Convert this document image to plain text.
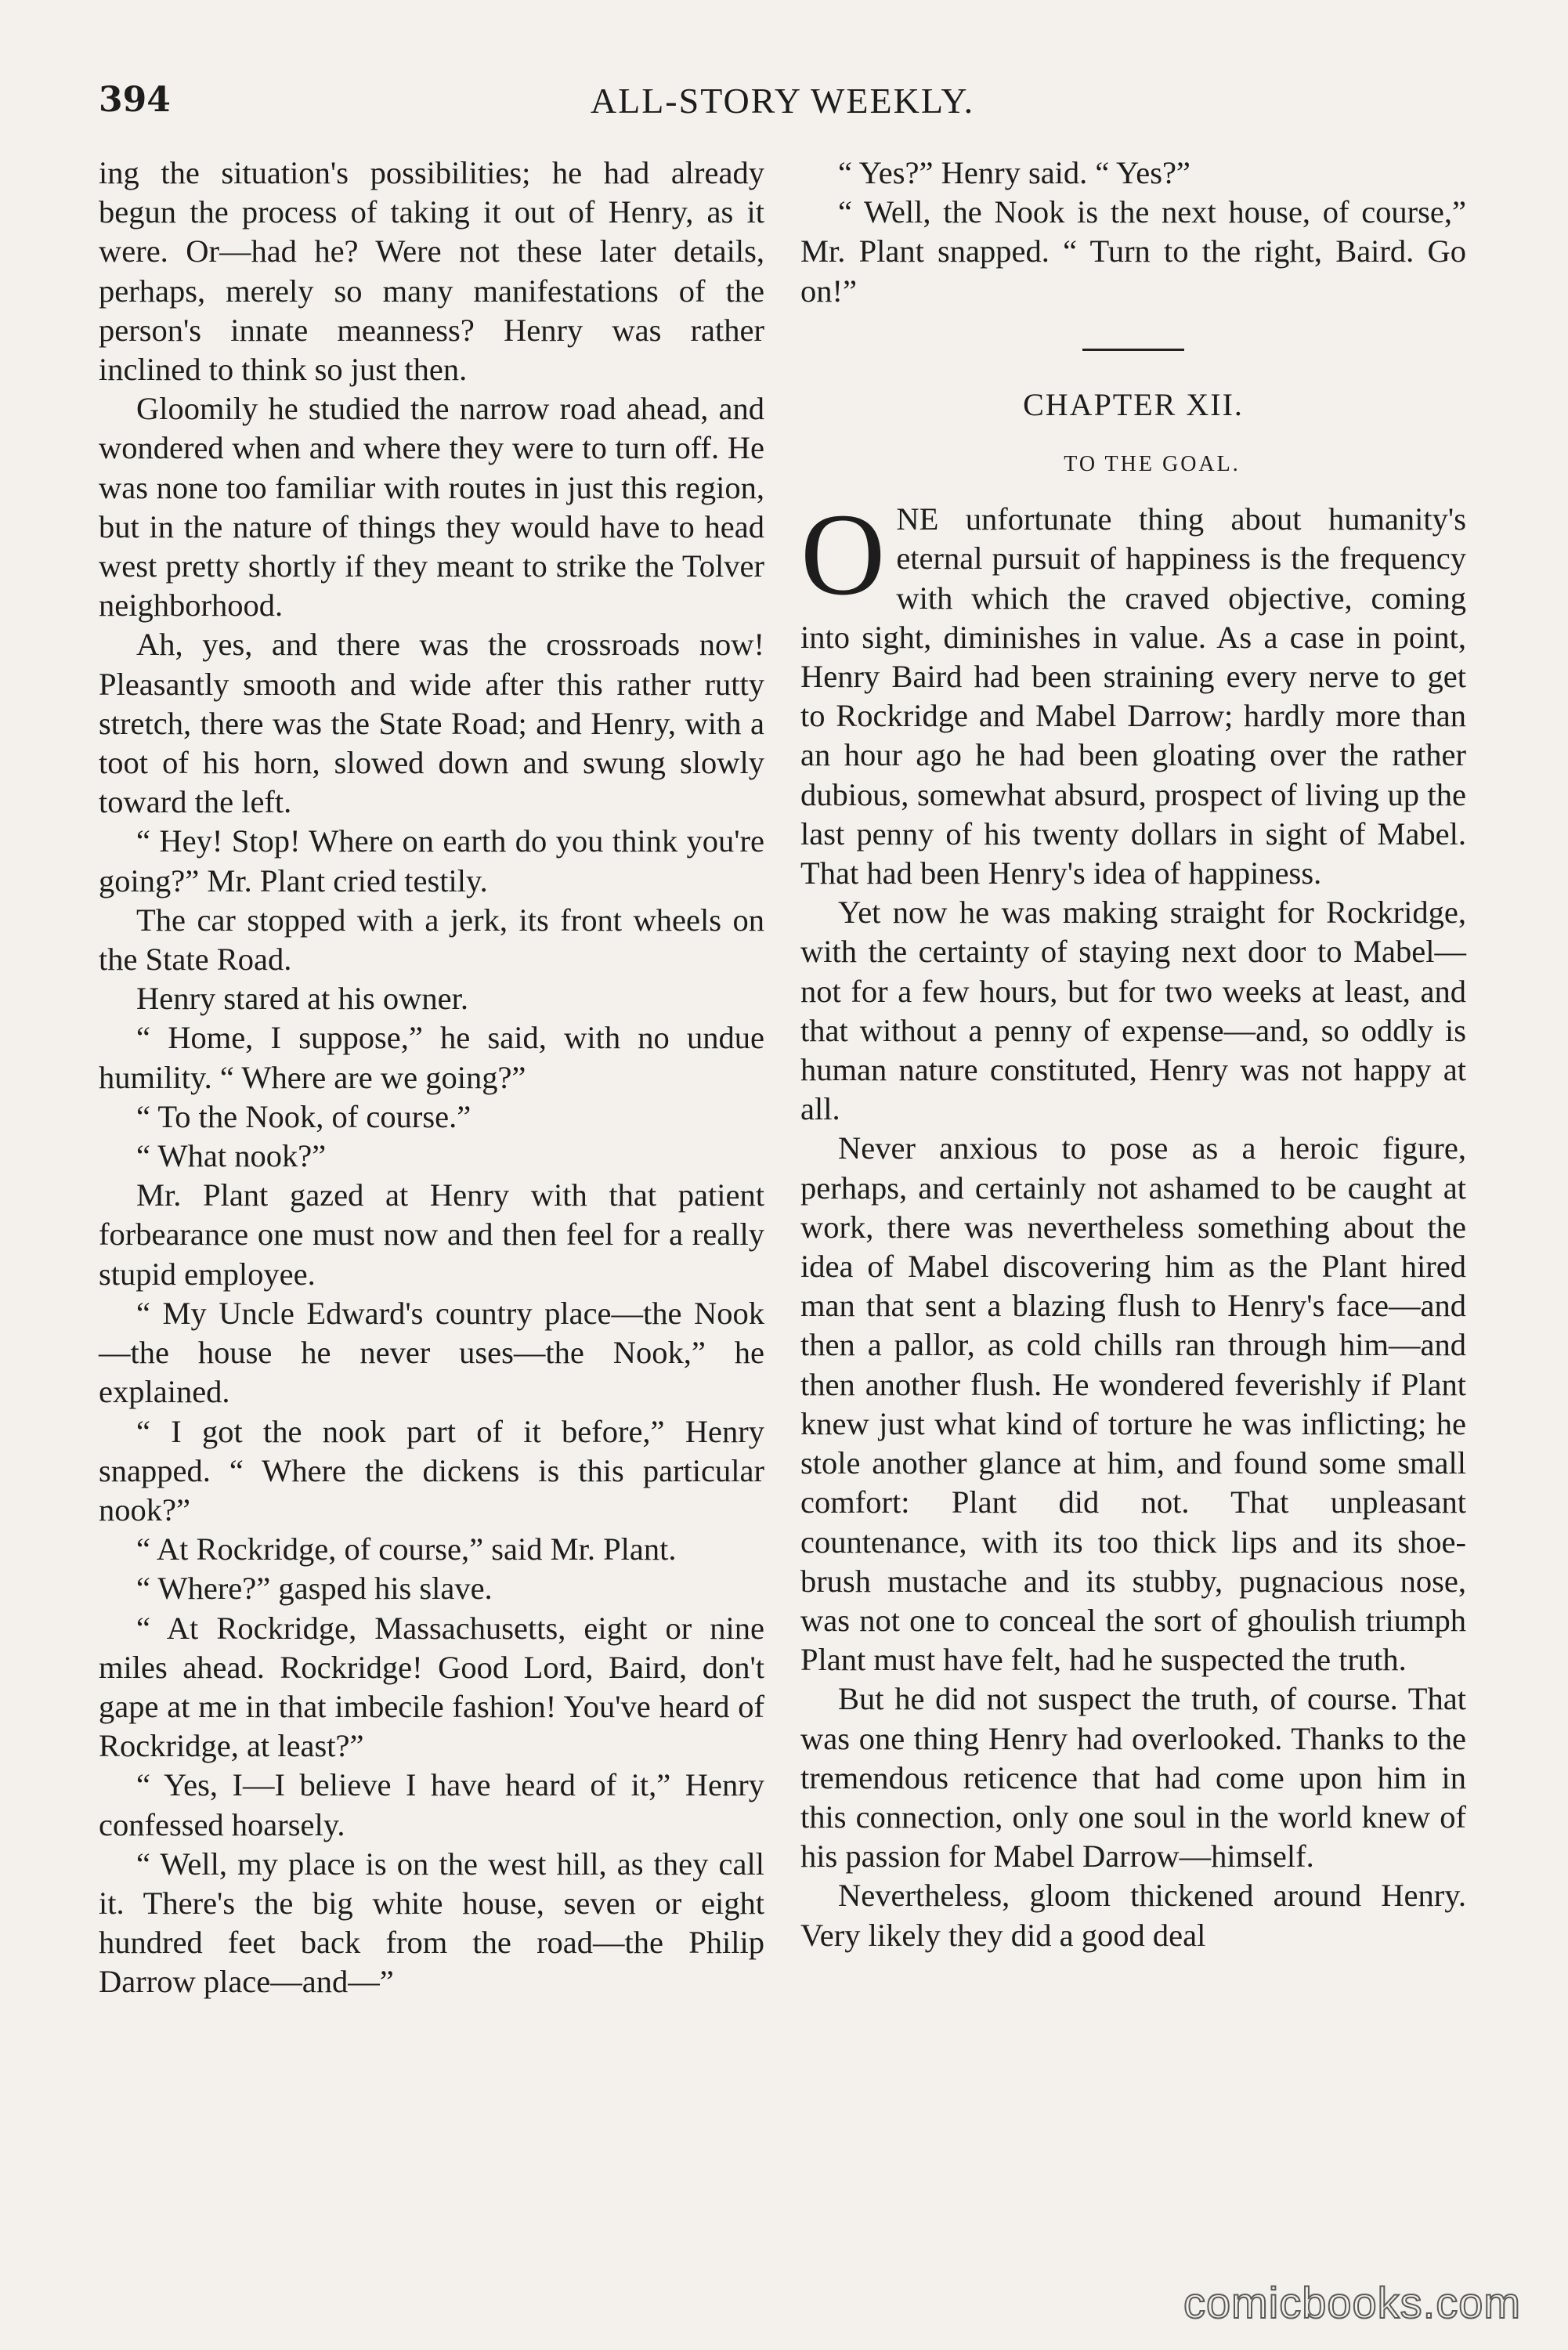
394	ALL-STORY WEEKLY.

ing the situation's possibilities; he had already begun the process of taking it out of Henry, as it were. Or—had he? Were not these later details, perhaps, merely so many manifestations of the person's innate meanness? Henry was rather inclined to think so just then.

Gloomily he studied the narrow road ahead, and wondered when and where they were to turn off. He was none too familiar with routes in just this region, but in the nature of things they would have to head west pretty shortly if they meant to strike the Tolver neighborhood.

Ah, yes, and there was the crossroads now! Pleasantly smooth and wide after this rather rutty stretch, there was the State Road; and Henry, with a toot of his horn, slowed down and swung slowly toward the left.

“ Hey! Stop! Where on earth do you think you're going?” Mr. Plant cried testily.

The car stopped with a jerk, its front wheels on the State Road.

Henry stared at his owner.

“ Home, I suppose,” he said, with no undue humility. “ Where are we going?”

“ To the Nook, of course.”

“ What nook?”

Mr. Plant gazed at Henry with that patient forbearance one must now and then feel for a really stupid employee.

“ My Uncle Edward's country place—the Nook—the house he never uses—the Nook,” he explained.

“ I got the nook part of it before,” Henry snapped. “ Where the dickens is this particular nook?”

“ At Rockridge, of course,” said Mr. Plant.

“ Where?” gasped his slave.

“ At Rockridge, Massachusetts, eight or nine miles ahead. Rockridge! Good Lord, Baird, don't gape at me in that imbecile fashion! You've heard of Rockridge, at least?”

“ Yes, I—I believe I have heard of it,” Henry confessed hoarsely.

“ Well, my place is on the west hill, as they call it. There's the big white house, seven or eight hundred feet back from the road—the Philip Darrow place—and—”

“ Yes?” Henry said. “ Yes?”

“ Well, the Nook is the next house, of course,” Mr. Plant snapped. “ Turn to the right, Baird. Go on!”

CHAPTER XII.

TO THE GOAL.

ONE unfortunate thing about humanity's eternal pursuit of happiness is the frequency with which the craved objective, coming into sight, diminishes in value. As a case in point, Henry Baird had been straining every nerve to get to Rockridge and Mabel Darrow; hardly more than an hour ago he had been gloating over the rather dubious, somewhat absurd, prospect of living up the last penny of his twenty dollars in sight of Mabel. That had been Henry's idea of happiness.

Yet now he was making straight for Rockridge, with the certainty of staying next door to Mabel—not for a few hours, but for two weeks at least, and that without a penny of expense—and, so oddly is human nature constituted, Henry was not happy at all.

Never anxious to pose as a heroic figure, perhaps, and certainly not ashamed to be caught at work, there was nevertheless something about the idea of Mabel discovering him as the Plant hired man that sent a blazing flush to Henry's face—and then a pallor, as cold chills ran through him—and then another flush. He wondered feverishly if Plant knew just what kind of torture he was inflicting; he stole another glance at him, and found some small comfort: Plant did not. That unpleasant countenance, with its too thick lips and its shoe-brush mustache and its stubby, pugnacious nose, was not one to conceal the sort of ghoulish triumph Plant must have felt, had he suspected the truth.

But he did not suspect the truth, of course. That was one thing Henry had overlooked. Thanks to the tremendous reticence that had come upon him in this connection, only one soul in the world knew of his passion for Mabel Darrow—himself.

Nevertheless, gloom thickened around Henry. Very likely they did a good deal

comicbooks.com
